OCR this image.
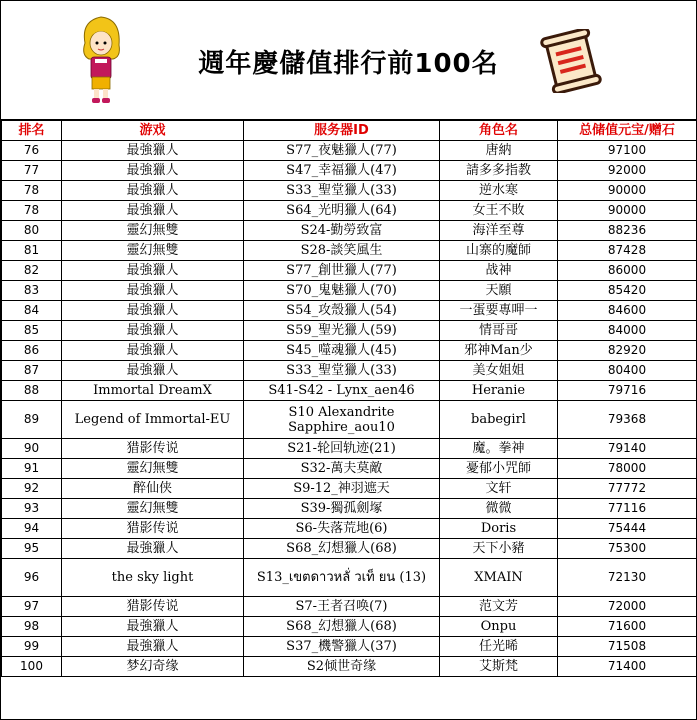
週年慶儲值排行前100名
排名	游戏	服务器ID	角色名	总储值元宝/赠石
76	最強獵人	S77_夜魅獵人(77)	唐納	97100
77	最強獵人	S47_幸福獵人(47)	請多多指教	92000
78	最強獵人	S33_聖堂獵人(33)	逆水寒	90000
78	最強獵人	S64_光明獵人(64)	女王不敗	90000
80	靈幻無雙	S24-勤勞致富	海洋至尊	88236
81	靈幻無雙	S28-談笑風生	山寨的魔師	87428
82	最強獵人	S77_創世獵人(77)	战神	86000
83	最強獵人	S70_鬼魅獵人(70)	天願	85420
84	最強獵人	S54_攻殼獵人(54)	一蛋要專呷一	84600
85	最強獵人	S59_聖光獵人(59)	情哥哥	84000
86	最強獵人	S45_噬魂獵人(45)	邪神Man少	82920
87	最強獵人	S33_聖堂獵人(33)	美女姐姐	80400
88	Immortal DreamX	S41-S42 - Lynx_aen46	Heranie	79716
89	Legend of Immortal-EU	S10 Alexandrite Sapphire_aou10	babegirl	79368
90	猎影传说	S21-轮回轨迹(21)	魔。拳神	79140
91	靈幻無雙	S32-萬夫莫敵	憂郁小咒師	78000
92	醉仙侠	S9-12_神羽遮天	文轩	77772
93	靈幻無雙	S39-獨孤劍塚	微微	77116
94	猎影传说	S6-失落荒地(6)	Doris	75444
95	最強獵人	S68_幻想獵人(68)	天下小豬	75300
96	the sky light	S13_เขตดาวหลั่ วเท็ ยน (13)	XMAIN	72130
97	猎影传说	S7-王者召唤(7)	范文芳	72000
98	最強獵人	S68_幻想獵人(68)	Onpu	71600
99	最強獵人	S37_機警獵人(37)	任光晞	71508
100	梦幻奇缘	S2倾世奇缘	艾斯梵	71400
